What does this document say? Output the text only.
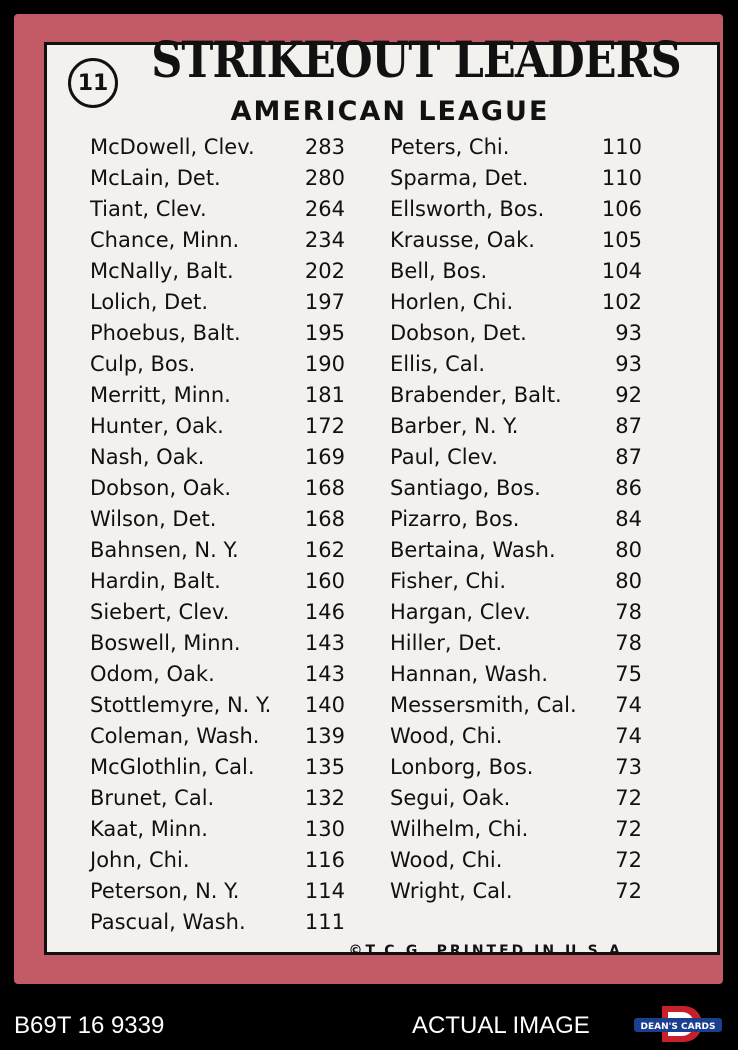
11 STRIKEOUT LEADERS
AMERICAN LEAGUE
McDowell, Clev. 283
McLain, Det.	280
Tiant, Clev.	264
Chance, Minn.	234
McNally, Balt.	202
Lolich, Det.	197
Phoebus, Balt.	195
Culp, Bos.	190
Merritt, Minn.	181
Hunter, Oak.	172
Nash, Oak.	169
Dobson, Oak.	168
Wilson, Det.	168
Bahnsen, N. Y.	162
Hardin, Balt.	160
Siebert, Clev.	146
Boswell, Minn.	143
Odom, Oak.	143
Stottlemyre, N. Y. 140
Coleman, Wash. 139
McGlothlin, Cal. 135
Brunet, Cal.	132
Kaat, Minn.	130
John, Chi.	116
Peterson, N. Y.	114
Pascual, Wash.	111
Peters, Chi.	110
Sparma, Det.	110
Ellsworth, Bos.	106
Krausse, Oak.	105
Bell, Bos.	104
Horlen, Chi.	102
Dobson, Det.	93
Ellis, Cal.	93
Brabender, Balt.	92
Barber, N. Y.	87
Paul, Clev.	87
Santiago, Bos.	86
Pizarro, Bos.	84
Bertaina, Wash.	80
Fisher, Chi.	80
Hargan, Clev.	78
Hiller, Det.	78
Hannan, Wash.	75
Messersmith, Cal. 74
Wood, Chi.	74
Lonborg, Bos.	73
Segui, Oak.	72
Wilhelm, Chi.	72
Wood, Chi.	72
Wright, Cal.	72
©T.C.G. PRINTED IN U.S.A.
B69T 16 9339	ACTUAL IMAGE	DEAN'S CARDS
